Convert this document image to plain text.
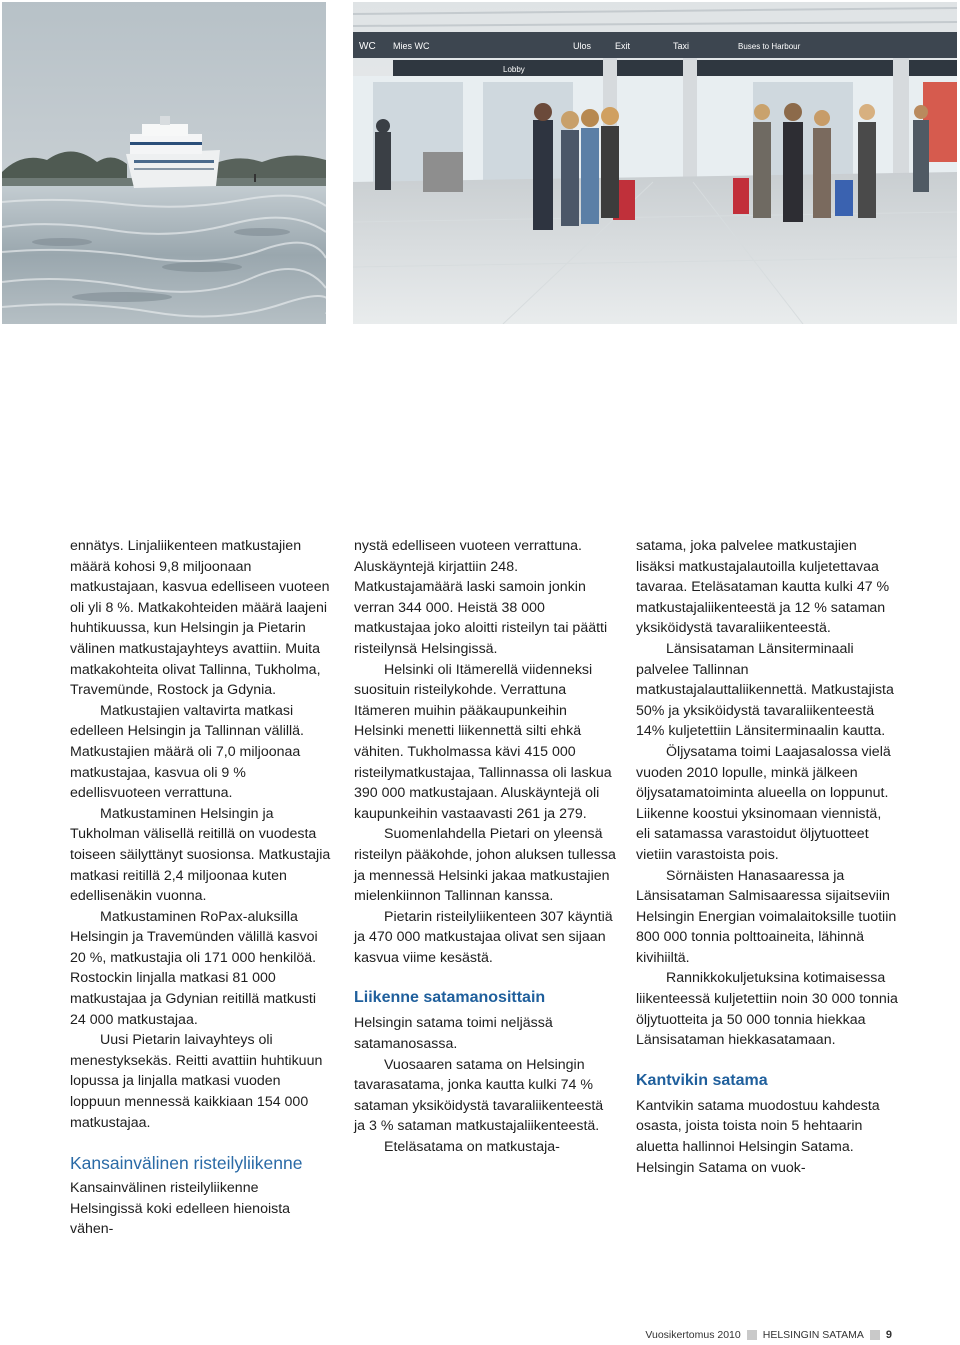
WC Mies WC
Lobby
Ulos	Exit	Taxi	Buses to Harbour

ennätys. Linjaliikenteen matkustajien määrä kohosi 9,8 miljoonaan matkustajaan, kasvua edelliseen vuoteen oli yli 8 %. Matkakohteiden määrä laajeni huhtikuussa, kun Helsingin ja Pietarin välinen matkustajayhteys avattiin. Muita matkakohteita olivat Tallinna, Tukholma, Travemünde, Rostock ja Gdynia.

Matkustajien valtavirta matkasi edelleen Helsingin ja Tallinnan välillä. Matkustajien määrä oli 7,0 miljoonaa matkustajaa, kasvua oli 9 % edellisvuoteen verrattuna.

Matkustaminen Helsingin ja Tukholman välisellä reitillä on vuodesta toiseen säilyttänyt suosionsa. Matkustajia matkasi reitillä 2,4 miljoonaa kuten edellisenäkin vuonna.

Matkustaminen RoPax-aluksilla Helsingin ja Travemünden välillä kasvoi 20 %, matkustajia oli 171 000 henkilöä. Rostockin linjalla matkasi 81 000 matkustajaa ja Gdynian reitillä matkusti 24 000 matkustajaa.

Uusi Pietarin laivayhteys oli menestyksekäs. Reitti avattiin huhtikuun lopussa ja linjalla matkasi vuoden loppuun mennessä kaikkiaan 154 000 matkustajaa.

Kansainvälinen risteilyliikenne

Kansainvälinen risteilyliikenne Helsingissä koki edelleen hienoista vähen-

nystä edelliseen vuoteen verrattuna. Aluskäyntejä kirjattiin 248. Matkustajamäärä laski samoin jonkin verran 344 000. Heistä 38 000 matkustajaa joko aloitti risteilyn tai päätti risteilynsä Helsingissä.

Helsinki oli Itämerellä viidenneksi suosituin risteilykohde. Verrattuna Itämeren muihin pääkaupunkeihin Helsinki menetti liikennettä silti ehkä vähiten. Tukholmassa kävi 415 000 risteilymatkustajaa, Tallinnassa oli laskua 390 000 matkustajaan. Aluskäyntejä oli kaupunkeihin vastaavasti 261 ja 279.

Suomenlahdella Pietari on yleensä risteilyn pääkohde, johon aluksen tullessa ja mennessä Helsinki jakaa matkustajien mielenkiinnon Tallinnan kanssa.

Pietarin risteilyliikenteen 307 käyntiä ja 470 000 matkustajaa olivat sen sijaan kasvua viime kesästä.

Liikenne satamanosittain

Helsingin satama toimi neljässä satamanosassa.

Vuosaaren satama on Helsingin tavarasatama, jonka kautta kulki 74 % sataman yksiköidystä tavaraliikenteestä ja 3 % sataman matkustajaliikenteestä.

Eteläsatama on matkustaja-

satama, joka palvelee matkustajien lisäksi matkustajalautoilla kuljetettavaa tavaraa. Eteläsataman kautta kulki 47 % matkustajaliikenteestä ja 12 % sataman yksiköidystä tavaraliikenteestä.

Länsisataman Länsiterminaali palvelee Tallinnan matkustajalauttaliikennettä. Matkustajista 50% ja yksiköidystä tavaraliikenteestä 14% kuljetettiin Länsiterminaalin kautta.

Öljysatama toimi Laajasalossa vielä vuoden 2010 lopulle, minkä jälkeen öljysatamatoiminta alueella on loppunut. Liikenne koostui yksinomaan viennistä, eli satamassa varastoidut öljytuotteet vietiin varastoista pois.

Sörnäisten Hanasaaressa ja Länsisataman Salmisaaressa sijaitseviin Helsingin Energian voimalaitoksille tuotiin 800 000 tonnia polttoaineita, lähinnä kivihiiltä.

Rannikkokuljetuksina kotimaisessa liikenteessä kuljetettiin noin 30 000 tonnia öljytuotteita ja 50 000 tonnia hiekkaa Länsisataman hiekkasatamaan.

Kantvikin satama

Kantvikin satama muodostuu kahdesta osasta, joista toista noin 5 hehtaarin aluetta hallinnoi Helsingin Satama. Helsingin Satama on vuok-

Vuosikertomus 2010 HELSINGIN SATAMA 9
